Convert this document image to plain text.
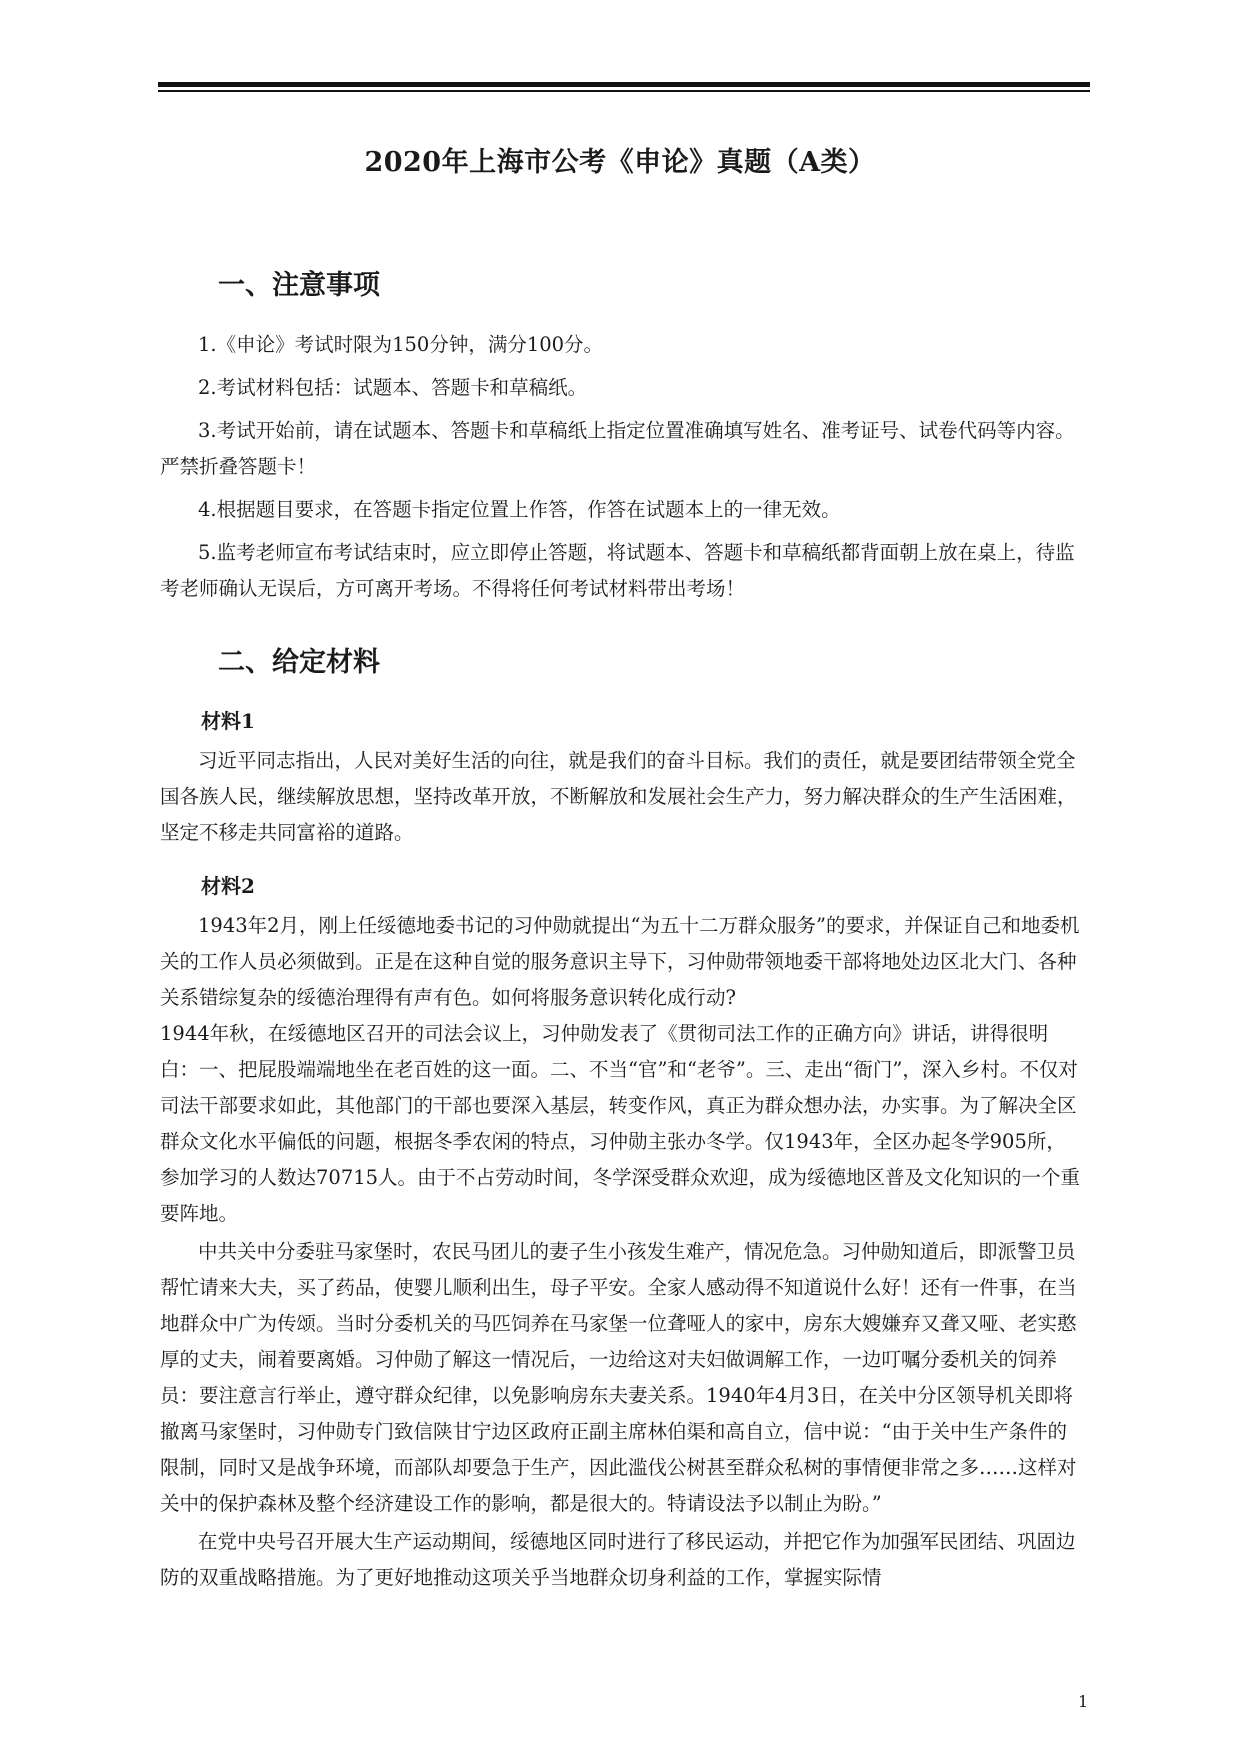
2020年上海市公考《申论》真题（A类）
一、注意事项

1.《申论》考试时限为150分钟，满分100分。

2.考试材料包括：试题本、答题卡和草稿纸。

3.考试开始前，请在试题本、答题卡和草稿纸上指定位置准确填写姓名、准考证号、试卷代码等内容。严禁折叠答题卡！

4.根据题目要求，在答题卡指定位置上作答，作答在试题本上的一律无效。

5.监考老师宣布考试结束时，应立即停止答题，将试题本、答题卡和草稿纸都背面朝上放在桌上，待监考老师确认无误后，方可离开考场。不得将任何考试材料带出考场！

二、给定材料
材料1

习近平同志指出，人民对美好生活的向往，就是我们的奋斗目标。我们的责任，就是要团结带领全党全国各族人民，继续解放思想，坚持改革开放，不断解放和发展社会生产力，努力解决群众的生产生活困难，坚定不移走共同富裕的道路。

材料2

1943年2月，刚上任绥德地委书记的习仲勋就提出“为五十二万群众服务”的要求，并保证自己和地委机关的工作人员必须做到。正是在这种自觉的服务意识主导下，习仲勋带领地委干部将地处边区北大门、各种关系错综复杂的绥德治理得有声有色。如何将服务意识转化成行动?

1944年秋，在绥德地区召开的司法会议上，习仲勋发表了《贯彻司法工作的正确方向》讲话，讲得很明白：一、把屁股端端地坐在老百姓的这一面。二、不当“官”和“老爷”。三、走出“衙门”，深入乡村。不仅对司法干部要求如此，其他部门的干部也要深入基层，转变作风，真正为群众想办法，办实事。为了解决全区群众文化水平偏低的问题，根据冬季农闲的特点，习仲勋主张办冬学。仅1943年，全区办起冬学905所，参加学习的人数达70715人。由于不占劳动时间，冬学深受群众欢迎，成为绥德地区普及文化知识的一个重要阵地。

中共关中分委驻马家堡时，农民马团儿的妻子生小孩发生难产，情况危急。习仲勋知道后，即派警卫员帮忙请来大夫，买了药品，使婴儿顺利出生，母子平安。全家人感动得不知道说什么好！还有一件事，在当地群众中广为传颂。当时分委机关的马匹饲养在马家堡一位聋哑人的家中，房东大嫂嫌弃又聋又哑、老实憨厚的丈夫，闹着要离婚。习仲勋了解这一情况后，一边给这对夫妇做调解工作，一边叮嘱分委机关的饲养员：要注意言行举止，遵守群众纪律，以免影响房东夫妻关系。1940年4月3日，在关中分区领导机关即将撤离马家堡时，习仲勋专门致信陕甘宁边区政府正副主席林伯渠和高自立，信中说：“由于关中生产条件的限制，同时又是战争环境，而部队却要急于生产，因此滥伐公树甚至群众私树的事情便非常之多……这样对关中的保护森林及整个经济建设工作的影响，都是很大的。特请设法予以制止为盼。”

在党中央号召开展大生产运动期间，绥德地区同时进行了移民运动，并把它作为加强军民团结、巩固边防的双重战略措施。为了更好地推动这项关乎当地群众切身利益的工作，掌握实际情

1
